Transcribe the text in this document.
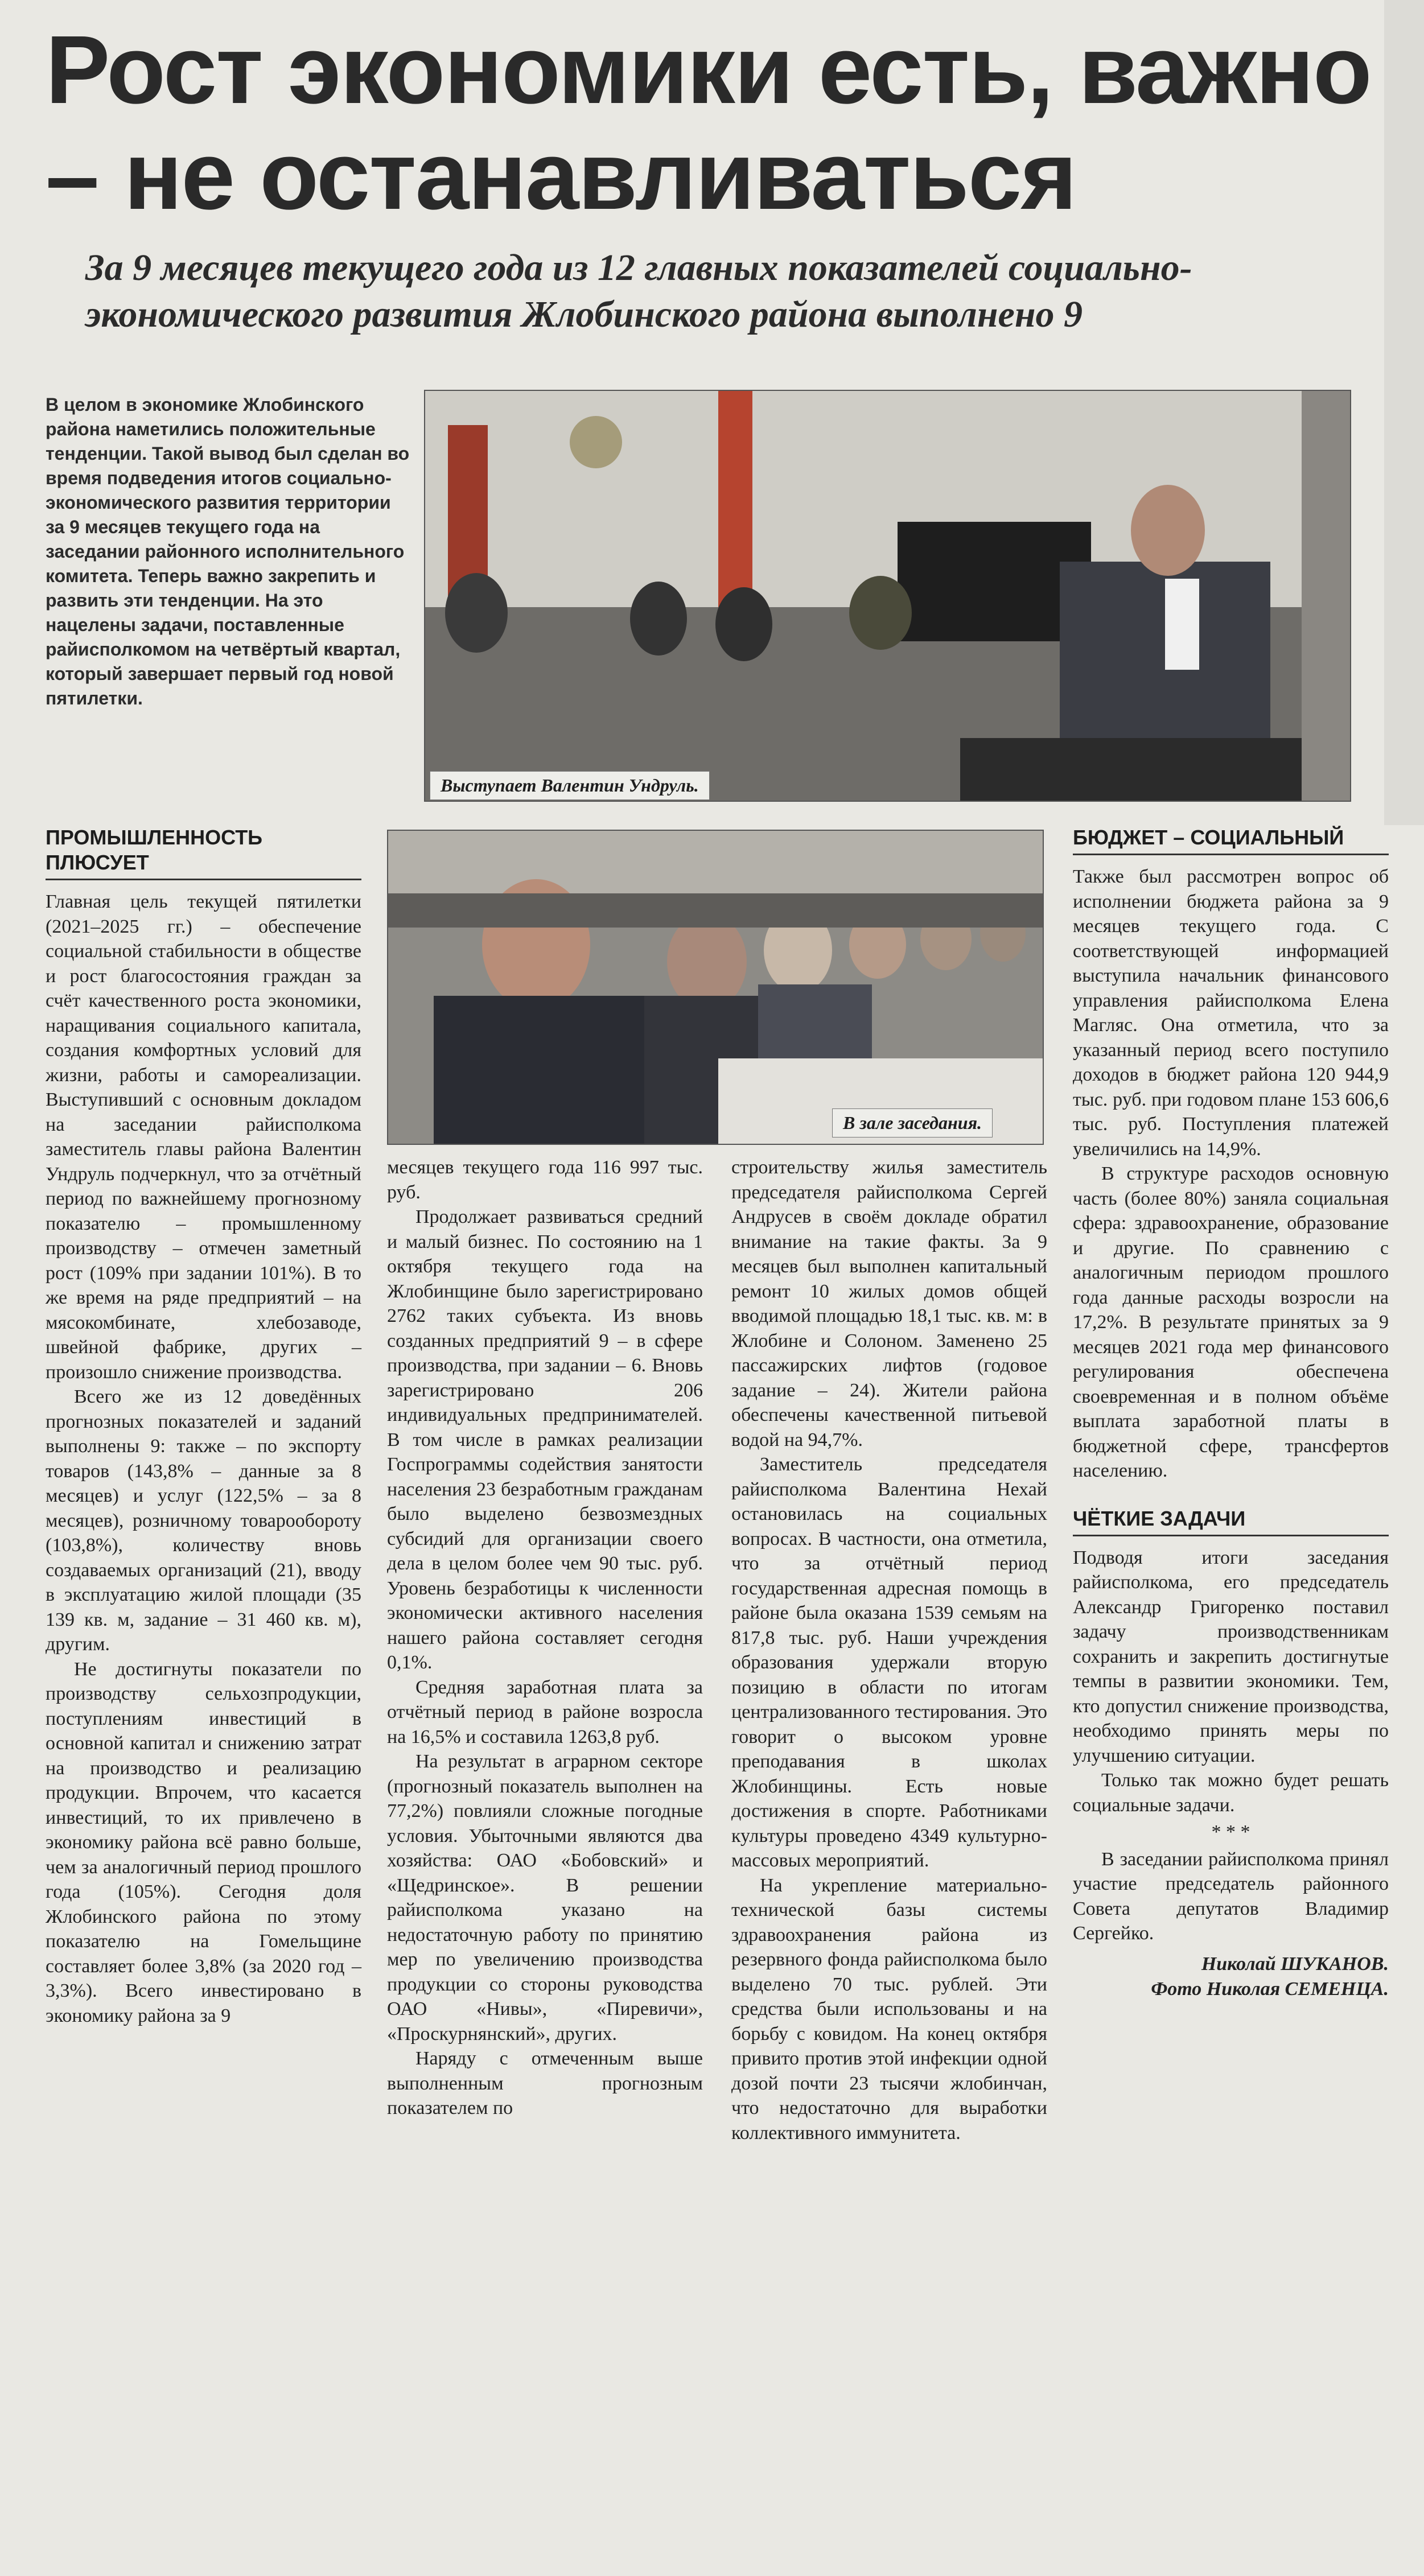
Рост экономики есть, важно – не останавливаться

За 9 месяцев текущего года из 12 главных показателей социально-экономического развития Жлобинского района выполнено 9

В целом в экономике Жлобинского района наметились положительные тенденции. Такой вывод был сделан во время подведения итогов социально-экономического развития территории за 9 месяцев текущего года на заседании районного исполнительного комитета. Теперь важно закрепить и развить эти тенденции. На это нацелены задачи, поставленные райисполкомом на четвёртый квартал, который завершает первый год новой пятилетки.

Выступает Валентин Ундруль.
В зале заседания.
ПРОМЫШЛЕННОСТЬ ПЛЮСУЕТ

Главная цель текущей пятилетки (2021–2025 гг.) – обеспечение социальной стабильности в обществе и рост благосостояния граждан за счёт качественного роста экономики, наращивания социального капитала, создания комфортных условий для жизни, работы и самореализации. Выступивший с основным докладом на заседании райисполкома заместитель главы района Валентин Ундруль подчеркнул, что за отчётный период по важнейшему прогнозному показателю – промышленному производству – отмечен заметный рост (109% при задании 101%). В то же время на ряде предприятий – на мясокомбинате, хлебозаводе, швейной фабрике, других – произошло снижение производства.

Всего же из 12 доведённых прогнозных показателей и заданий выполнены 9: также – по экспорту товаров (143,8% – данные за 8 месяцев) и услуг (122,5% – за 8 месяцев), розничному товарообороту (103,8%), количеству вновь создаваемых организаций (21), вводу в эксплуатацию жилой площади (35 139 кв. м, задание – 31 460 кв. м), другим.

Не достигнуты показатели по производству сельхозпродукции, поступлениям инвестиций в основной капитал и снижению затрат на производство и реализацию продукции. Впрочем, что касается инвестиций, то их привлечено в экономику района всё равно больше, чем за аналогичный период прошлого года (105%). Сегодня доля Жлобинского района по этому показателю на Гомельщине составляет более 3,8% (за 2020 год – 3,3%). Всего инвестировано в экономику района за 9

месяцев текущего года 116 997 тыс. руб.

Продолжает развиваться средний и малый бизнес. По состоянию на 1 октября текущего года на Жлобинщине было зарегистрировано 2762 таких субъекта. Из вновь созданных предприятий 9 – в сфере производства, при задании – 6. Вновь зарегистрировано 206 индивидуальных предпринимателей. В том числе в рамках реализации Госпрограммы содействия занятости населения 23 безработным гражданам было выделено безвозмездных субсидий для организации своего дела в целом более чем 90 тыс. руб. Уровень безработицы к численности экономически активного населения нашего района составляет сегодня 0,1%.

Средняя заработная плата за отчётный период в районе возросла на 16,5% и составила 1263,8 руб.

На результат в аграрном секторе (прогнозный показатель выполнен на 77,2%) повлияли сложные погодные условия. Убыточными являются два хозяйства: ОАО «Бобовский» и «Щедринское». В решении райисполкома указано на недостаточную работу по принятию мер по увеличению производства продукции со стороны руководства ОАО «Нивы», «Пиревичи», «Проскурнянский», других.

Наряду с отмеченным выше выполненным прогнозным показателем по

строительству жилья заместитель председателя райисполкома Сергей Андрусев в своём докладе обратил внимание на такие факты. За 9 месяцев был выполнен капитальный ремонт 10 жилых домов общей вводимой площадью 18,1 тыс. кв. м: в Жлобине и Солоном. Заменено 25 пассажирских лифтов (годовое задание – 24). Жители района обеспечены качественной питьевой водой на 94,7%.

Заместитель председателя райисполкома Валентина Нехай остановилась на социальных вопросах. В частности, она отметила, что за отчётный период государственная адресная помощь в районе была оказана 1539 семьям на 817,8 тыс. руб. Наши учреждения образования удержали вторую позицию в области по итогам централизованного тестирования. Это говорит о высоком уровне преподавания в школах Жлобинщины. Есть новые достижения в спорте. Работниками культуры проведено 4349 культурно-массовых мероприятий.

На укрепление материально-технической базы системы здравоохранения района из резервного фонда райисполкома было выделено 70 тыс. рублей. Эти средства были использованы и на борьбу с ковидом. На конец октября привито против этой инфекции одной дозой почти 23 тысячи жлобинчан, что недостаточно для выработки коллективного иммунитета.

БЮДЖЕТ – СОЦИАЛЬНЫЙ

Также был рассмотрен вопрос об исполнении бюджета района за 9 месяцев текущего года. С соответствующей информацией выступила начальник финансового управления райисполкома Елена Магляс. Она отметила, что за указанный период всего поступило доходов в бюджет района 120 944,9 тыс. руб. при годовом плане 153 606,6 тыс. руб. Поступления платежей увеличились на 14,9%.

В структуре расходов основную часть (более 80%) заняла социальная сфера: здравоохранение, образование и другие. По сравнению с аналогичным периодом прошлого года данные расходы возросли на 17,2%. В результате принятых за 9 месяцев 2021 года мер финансового регулирования обеспечена своевременная и в полном объёме выплата заработной платы в бюджетной сфере, трансфертов населению.

ЧЁТКИЕ ЗАДАЧИ

Подводя итоги заседания райисполкома, его председатель Александр Григоренко поставил задачу производственникам сохранить и закрепить достигнутые темпы в развитии экономики. Тем, кто допустил снижение производства, необходимо принять меры по улучшению ситуации.

Только так можно будет решать социальные задачи.

* * *

В заседании райисполкома принял участие председатель районного Совета депутатов Владимир Сергейко.

Николай ШУКАНОВ.

Фото Николая СЕМЕНЦА.
